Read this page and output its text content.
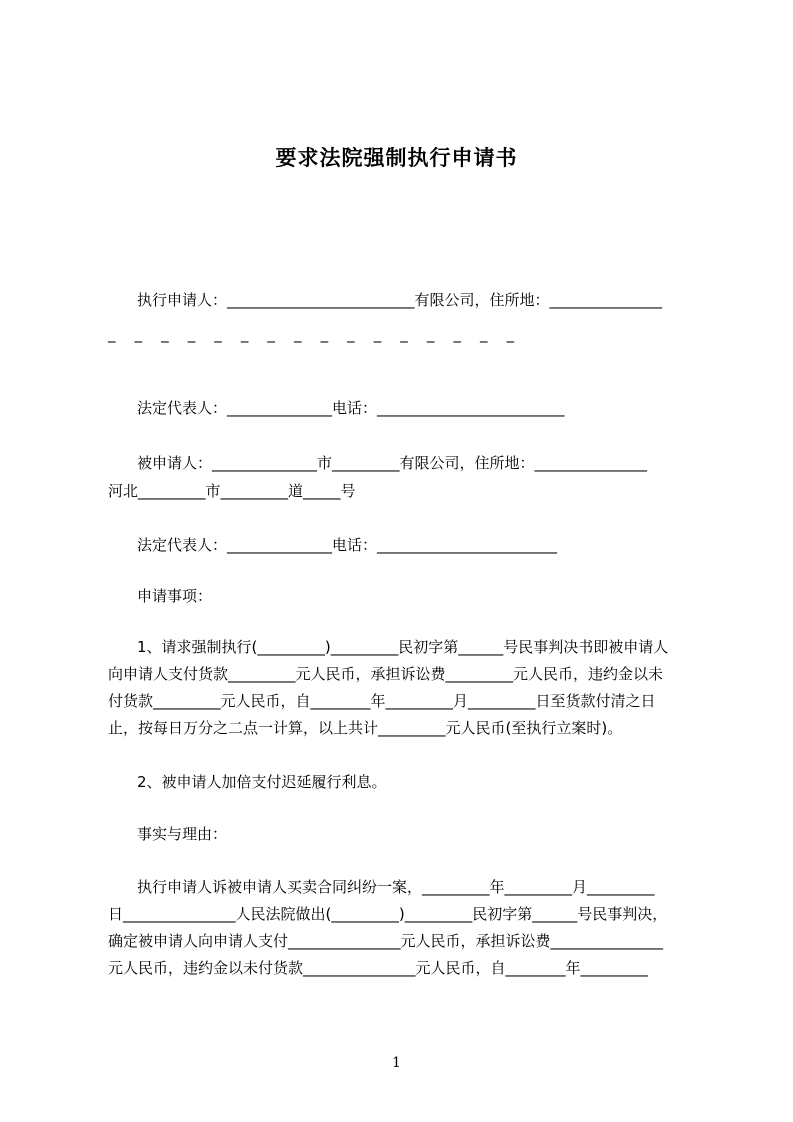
要求法院强制执行申请书
执行申请人：_________________________有限公司，住所地：_______________
_    _    _    _    _    _    _    _    _    _    _    _    _    _    _    _
法定代表人：______________电话：_________________________
被申请人：______________市_________有限公司，住所地：_______________
河北_________市_________道_____号
法定代表人：______________电话：________________________
申请事项：
1、请求强制执行(_________)_________民初字第______号民事判决书即被申请人
向申请人支付货款_________元人民币，承担诉讼费_________元人民币，违约金以未
付货款_________元人民币，自________年_________月_________日至货款付清之日
止，按每日万分之二点一计算，以上共计_________元人民币(至执行立案时)。
2、被申请人加倍支付迟延履行利息。
事实与理由：
执行申请人诉被申请人买卖合同纠纷一案，_________年_________月_________
日_______________人民法院做出(_________)_________民初字第______号民事判决，
确定被申请人向申请人支付_______________元人民币，承担诉讼费_______________
元人民币，违约金以未付货款_______________元人民币，自________年_________
1
